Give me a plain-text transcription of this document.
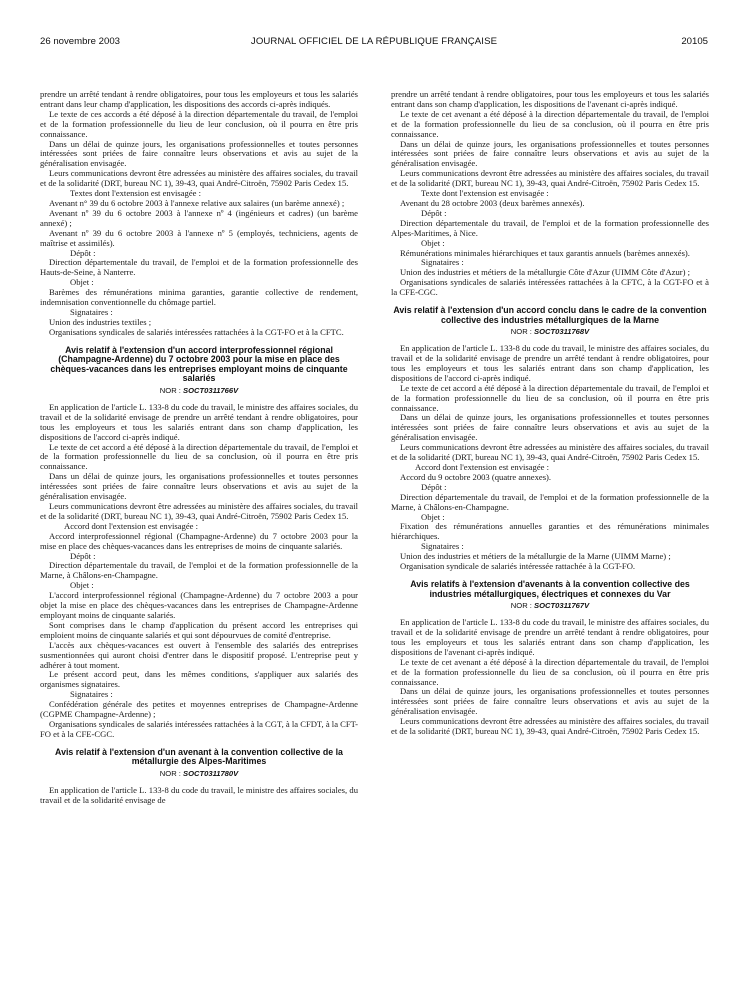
26 novembre 2003	JOURNAL OFFICIEL DE LA RÉPUBLIQUE FRANÇAISE	20105

prendre un arrêté tendant à rendre obligatoires, pour tous les employeurs et tous les salariés entrant dans leur champ d'application, les dispositions des accords ci-après indiqués.

Le texte de ces accords a été déposé à la direction départementale du travail, de l'emploi et de la formation professionnelle du lieu de leur conclusion, où il pourra en être pris connaissance.

Dans un délai de quinze jours, les organisations professionnelles et toutes personnes intéressées sont priées de faire connaître leurs observations et avis au sujet de la généralisation envisagée.

Leurs communications devront être adressées au ministère des affaires sociales, du travail et de la solidarité (DRT, bureau NC 1), 39-43, quai André-Citroën, 75902 Paris Cedex 15.

Textes dont l'extension est envisagée :

Avenant n° 39 du 6 octobre 2003 à l'annexe relative aux salaires (un barème annexé) ;

Avenant nº 39 du 6 octobre 2003 à l'annexe nº 4 (ingénieurs et cadres) (un barème annexé) ;

Avenant nº 39 du 6 octobre 2003 à l'annexe nº 5 (employés, techniciens, agents de maîtrise et assimilés).

Dépôt :

Direction départementale du travail, de l'emploi et de la formation professionnelle des Hauts-de-Seine, à Nanterre.

Objet :

Barèmes des rémunérations minima garanties, garantie collective de rendement, indemnisation conventionnelle du chômage partiel.

Signataires :

Union des industries textiles ;

Organisations syndicales de salariés intéressées rattachées à la CGT-FO et à la CFTC.

Avis relatif à l'extension d'un accord interprofessionnel régional (Champagne-Ardenne) du 7 octobre 2003 pour la mise en place des chèques-vacances dans les entreprises employant moins de cinquante salariés
NOR : SOCT0311766V

En application de l'article L. 133-8 du code du travail, le ministre des affaires sociales, du travail et de la solidarité envisage de prendre un arrêté tendant à rendre obligatoires, pour tous les employeurs et tous les salariés entrant dans son champ d'application, les dispositions de l'accord ci-après indiqué.

Le texte de cet accord a été déposé à la direction départementale du travail, de l'emploi et de la formation professionnelle du lieu de sa conclusion, où il pourra en être pris connaissance.

Dans un délai de quinze jours, les organisations professionnelles et toutes personnes intéressées sont priées de faire connaître leurs observations et avis au sujet de la généralisation envisagée.

Leurs communications devront être adressées au ministère des affaires sociales, du travail et de la solidarité (DRT, bureau NC 1), 39-43, quai André-Citroën, 75902 Paris Cedex 15.

Accord dont l'extension est envisagée :

Accord interprofessionnel régional (Champagne-Ardenne) du 7 octobre 2003 pour la mise en place des chèques-vacances dans les entreprises de moins de cinquante salariés.

Dépôt :

Direction départementale du travail, de l'emploi et de la formation professionnelle de la Marne, à Châlons-en-Champagne.

Objet :

L'accord interprofessionnel régional (Champagne-Ardenne) du 7 octobre 2003 a pour objet la mise en place des chèques-vacances dans les entreprises de Champagne-Ardenne employant moins de cinquante salariés.

Sont comprises dans le champ d'application du présent accord les entreprises qui emploient moins de cinquante salariés et qui sont dépourvues de comité d'entreprise.

L'accès aux chèques-vacances est ouvert à l'ensemble des salariés des entreprises susmentionnées qui auront choisi d'entrer dans le dispositif proposé. L'entreprise peut y adhérer à tout moment.

Le présent accord peut, dans les mêmes conditions, s'appliquer aux salariés des organismes signataires.

Signataires :

Confédération générale des petites et moyennes entreprises de Champagne-Ardenne (CGPME Champagne-Ardenne) ;

Organisations syndicales de salariés intéressées rattachées à la CGT, à la CFDT, à la CFT-FO et à la CFE-CGC.

Avis relatif à l'extension d'un avenant à la convention collective de la métallurgie des Alpes-Maritimes
NOR : SOCT0311780V

En application de l'article L. 133-8 du code du travail, le ministre des affaires sociales, du travail et de la solidarité envisage de

prendre un arrêté tendant à rendre obligatoires, pour tous les employeurs et tous les salariés entrant dans son champ d'application, les dispositions de l'avenant ci-après indiqué.

Le texte de cet avenant a été déposé à la direction départementale du travail, de l'emploi et de la formation professionnelle du lieu de sa conclusion, où il pourra en être pris connaissance.

Dans un délai de quinze jours, les organisations professionnelles et toutes personnes intéressées sont priées de faire connaître leurs observations et avis au sujet de la généralisation envisagée.

Leurs communications devront être adressées au ministère des affaires sociales, du travail et de la solidarité (DRT, bureau NC 1), 39-43, quai André-Citroën, 75902 Paris Cedex 15.

Texte dont l'extension est envisagée :

Avenant du 28 octobre 2003 (deux barèmes annexés).

Dépôt :

Direction départementale du travail, de l'emploi et de la formation professionnelle des Alpes-Maritimes, à Nice.

Objet :

Rémunérations minimales hiérarchiques et taux garantis annuels (barèmes annexés).

Signataires :

Union des industries et métiers de la métallurgie Côte d'Azur (UIMM Côte d'Azur) ;

Organisations syndicales de salariés intéressées rattachées à la CFTC, à la CGT-FO et à la CFE-CGC.

Avis relatif à l'extension d'un accord conclu dans le cadre de la convention collective des industries métallurgiques de la Marne
NOR : SOCT0311768V

En application de l'article L. 133-8 du code du travail, le ministre des affaires sociales, du travail et de la solidarité envisage de prendre un arrêté tendant à rendre obligatoires, pour tous les employeurs et tous les salariés entrant dans son champ d'application, les dispositions de l'accord ci-après indiqué.

Le texte de cet accord a été déposé à la direction départementale du travail, de l'emploi et de la formation professionnelle du lieu de sa conclusion, où il pourra en être pris connaissance.

Dans un délai de quinze jours, les organisations professionnelles et toutes personnes intéressées sont priées de faire connaître leurs observations et avis au sujet de la généralisation envisagée.

Leurs communications devront être adressées au ministère des affaires sociales, du travail et de la solidarité (DRT, bureau NC 1), 39-43, quai André-Citroën, 75902 Paris Cedex 15.

Accord dont l'extension est envisagée :

Accord du 9 octobre 2003 (quatre annexes).

Dépôt :

Direction départementale du travail, de l'emploi et de la formation professionnelle de la Marne, à Châlons-en-Champagne.

Objet :

Fixation des rémunérations annuelles garanties et des rémunérations minimales hiérarchiques.

Signataires :

Union des industries et métiers de la métallurgie de la Marne (UIMM Marne) ;

Organisation syndicale de salariés intéressée rattachée à la CGT-FO.

Avis relatifs à l'extension d'avenants à la convention collective des industries métallurgiques, électriques et connexes du Var
NOR : SOCT0311767V

En application de l'article L. 133-8 du code du travail, le ministre des affaires sociales, du travail et de la solidarité envisage de prendre un arrêté tendant à rendre obligatoires, pour tous les employeurs et tous les salariés entrant dans son champ d'application, les dispositions de l'avenant ci-après indiqué.

Le texte de cet avenant a été déposé à la direction départementale du travail, de l'emploi et de la formation professionnelle du lieu de sa conclusion, où il pourra en être pris connaissance.

Dans un délai de quinze jours, les organisations professionnelles et toutes personnes intéressées sont priées de faire connaître leurs observations et avis au sujet de la généralisation envisagée.

Leurs communications devront être adressées au ministère des affaires sociales, du travail et de la solidarité (DRT, bureau NC 1), 39-43, quai André-Citroën, 75902 Paris Cedex 15.
